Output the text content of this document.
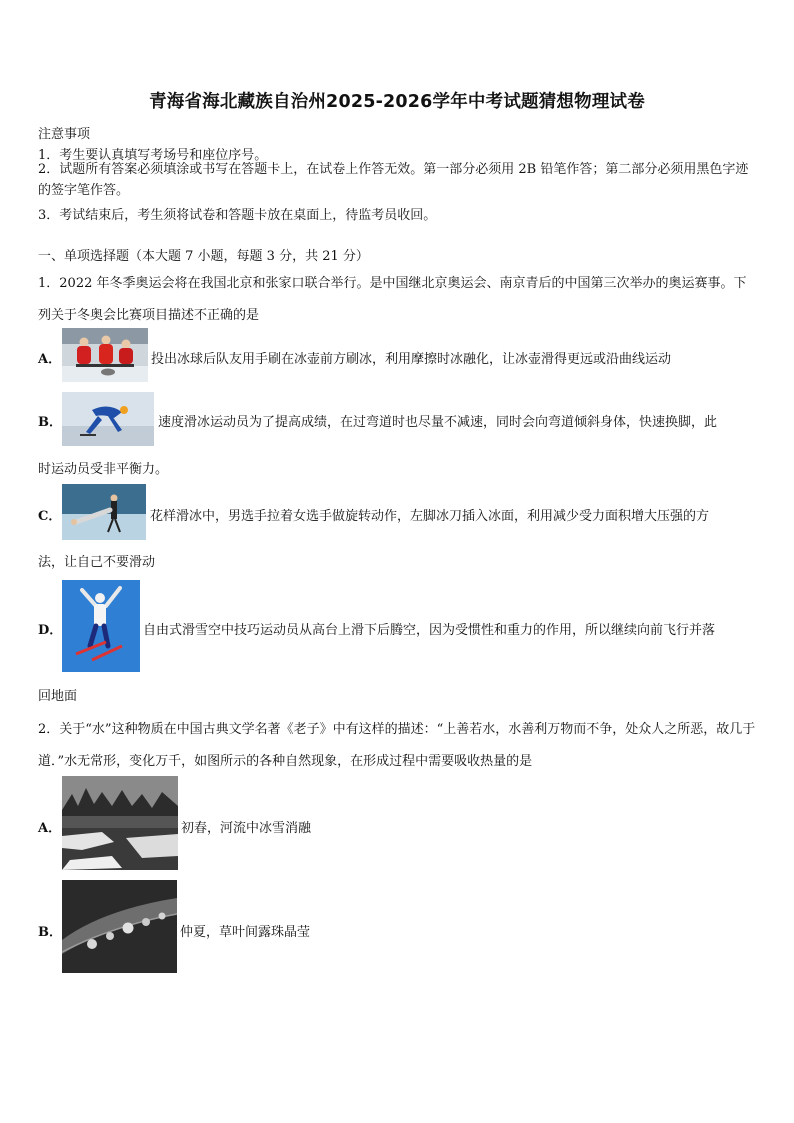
青海省海北藏族自治州2025-2026学年中考试题猜想物理试卷
注意事项
1．考生要认真填写考场号和座位序号。
2．试题所有答案必须填涂或书写在答题卡上，在试卷上作答无效。第一部分必须用 2B 铅笔作答；第二部分必须用黑色字迹的签字笔作答。
3．考试结束后，考生须将试卷和答题卡放在桌面上，待监考员收回。
一、单项选择题（本大题 7 小题，每题 3 分，共 21 分）
1．2022 年冬季奥运会将在我国北京和张家口联合举行。是中国继北京奥运会、南京青后的中国第三次举办的奥运赛事。下列关于冬奥会比赛项目描述不正确的是
A．	投出冰球后队友用手刷在冰壶前方刷冰，利用摩擦时冰融化，让冰壶滑得更远或沿曲线运动
B．	速度滑冰运动员为了提高成绩，在过弯道时也尽量不减速，同时会向弯道倾斜身体，快速换脚，此
时运动员受非平衡力。
C．	花样滑冰中，男选手拉着女选手做旋转动作，左脚冰刀插入冰面，利用减少受力面积增大压强的方
法，让自己不要滑动
D．	自由式滑雪空中技巧运动员从高台上滑下后腾空，因为受惯性和重力的作用，所以继续向前飞行并落
回地面
2．关于“水”这种物质在中国古典文学名著《老子》中有这样的描述：“上善若水，水善利万物而不争，处众人之所恶，故几于道．”水无常形，变化万千，如图所示的各种自然现象，在形成过程中需要吸收热量的是
A．	初春，河流中冰雪消融
B．	仲夏，草叶间露珠晶莹
